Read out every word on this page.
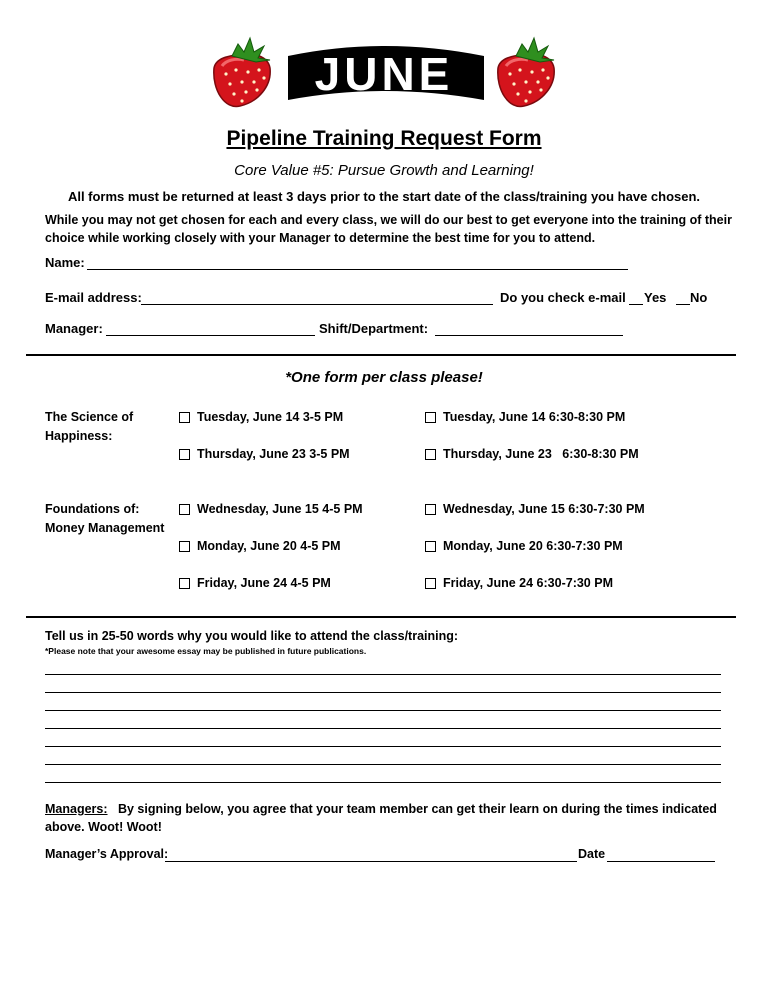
JUNE
Pipeline Training Request Form
Core Value #5: Pursue Growth and Learning!
All forms must be returned at least 3 days prior to the start date of the class/training you have chosen.
While you may not get chosen for each and every class, we will do our best to get everyone into the training of their choice while working closely with your Manager to determine the best time for you to attend.
Name:
E-mail address:	Do you check e-mail Yes No
Manager:	Shift/Department:
*One form per class please!
The Science of Happiness:
Tuesday, June 14 3-5 PM	Tuesday, June 14 6:30-8:30 PM
Thursday, June 23 3-5 PM	Thursday, June 23   6:30-8:30 PM
Foundations of: Money Management
Wednesday, June 15 4-5 PM	Wednesday, June 15 6:30-7:30 PM
Monday, June 20 4-5 PM	Monday, June 20 6:30-7:30 PM
Friday, June 24 4-5 PM	Friday, June 24 6:30-7:30 PM
Tell us in 25-50 words why you would like to attend the class/training:
*Please note that your awesome essay may be published in future publications.
Managers: By signing below, you agree that your team member can get their learn on during the times indicated above. Woot! Woot!
Manager’s Approval:	Date
